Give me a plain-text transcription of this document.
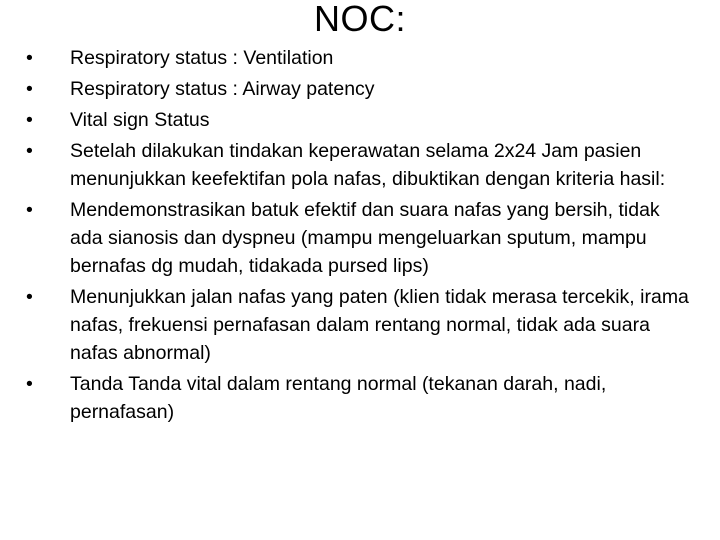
NOC:
• Respiratory status : Ventilation
• Respiratory status : Airway patency
• Vital sign Status
• Setelah dilakukan tindakan keperawatan selama 2x24 Jam pasien menunjukkan keefektifan pola nafas, dibuktikan dengan kriteria hasil:
• Mendemonstrasikan batuk efektif dan suara nafas yang bersih, tidak ada sianosis dan dyspneu (mampu mengeluarkan sputum, mampu bernafas dg mudah, tidakada pursed lips)
• Menunjukkan jalan nafas yang paten (klien tidak merasa tercekik, irama nafas, frekuensi pernafasan dalam rentang normal, tidak ada suara nafas abnormal)
• Tanda Tanda vital dalam rentang normal (tekanan darah, nadi, pernafasan)
